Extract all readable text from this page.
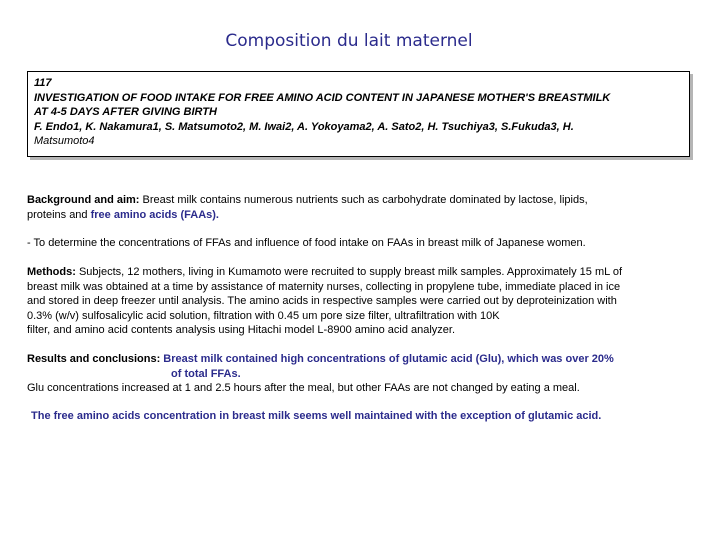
Composition du lait maternel
117
INVESTIGATION OF FOOD INTAKE FOR FREE AMINO ACID CONTENT IN JAPANESE MOTHER'S BREASTMILK
AT 4-5 DAYS AFTER GIVING BIRTH
F. Endo1, K. Nakamura1, S. Matsumoto2, M. Iwai2, A. Yokoyama2, A. Sato2, H. Tsuchiya3, S.Fukuda3, H.
Matsumoto4
Background and aim: Breast milk contains numerous nutrients such as carbohydrate dominated by lactose, lipids,
proteins and free amino acids (FAAs).
- To determine the concentrations of FFAs and influence of food intake on FAAs in breast milk of Japanese women.
Methods: Subjects, 12 mothers, living in Kumamoto were recruited to supply breast milk samples. Approximately 15 mL of
breast milk was obtained at a time by assistance of maternity nurses, collecting in propylene tube, immediate placed in ice
and stored in deep freezer until analysis. The amino acids in respective samples were carried out by deproteinization with
0.3% (w/v) sulfosalicylic acid solution, filtration with 0.45 um pore size filter, ultrafiltration with 10K
filter, and amino acid contents analysis using Hitachi model L-8900 amino acid analyzer.
Results and conclusions: Breast milk contained high concentrations of glutamic acid (Glu), which was over 20%
of total FFAs.
Glu concentrations increased at 1 and 2.5 hours after the meal, but other FAAs are not changed by eating a meal.
The free amino acids concentration in breast milk seems well maintained with the exception of glutamic acid.
